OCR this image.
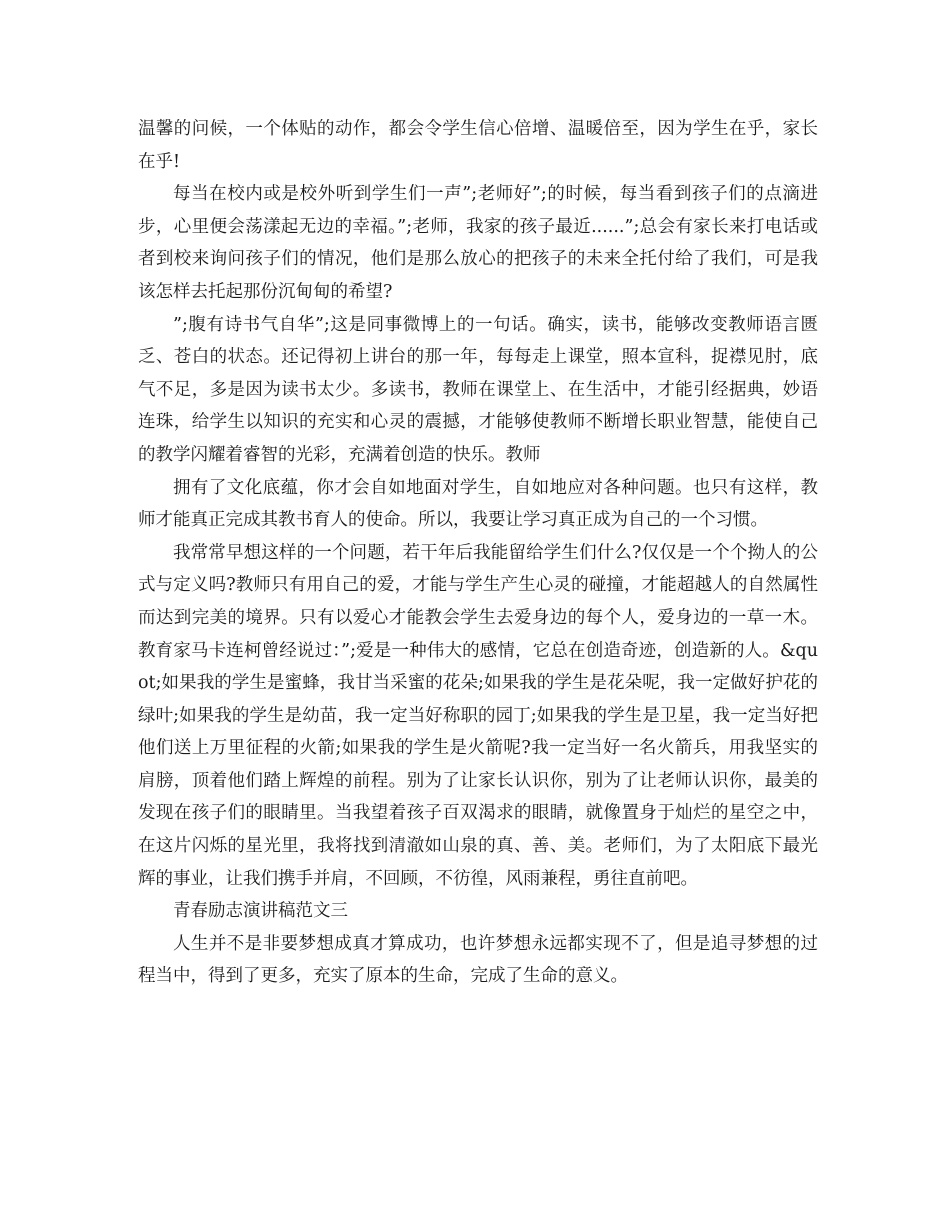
温馨的问候，一个体贴的动作，都会令学生信心倍增、温暖倍至，因为学生在乎，家长在乎!

每当在校内或是校外听到学生们一声”;老师好”;的时候，每当看到孩子们的点滴进步，心里便会荡漾起无边的幸福。”;老师，我家的孩子最近......”;总会有家长来打电话或者到校来询问孩子们的情况，他们是那么放心的把孩子的未来全托付给了我们，可是我该怎样去托起那份沉甸甸的希望?

”;腹有诗书气自华”;这是同事微博上的一句话。确实，读书，能够改变教师语言匮乏、苍白的状态。还记得初上讲台的那一年，每每走上课堂，照本宣科，捉襟见肘，底气不足，多是因为读书太少。多读书，教师在课堂上、在生活中，才能引经据典，妙语连珠，给学生以知识的充实和心灵的震撼，才能够使教师不断增长职业智慧，能使自己的教学闪耀着睿智的光彩，充满着创造的快乐。教师

拥有了文化底蕴，你才会自如地面对学生，自如地应对各种问题。也只有这样，教师才能真正完成其教书育人的使命。所以，我要让学习真正成为自己的一个习惯。

我常常早想这样的一个问题，若干年后我能留给学生们什么?仅仅是一个个拗人的公式与定义吗?教师只有用自己的爱，才能与学生产生心灵的碰撞，才能超越人的自然属性而达到完美的境界。只有以爱心才能教会学生去爱身边的每个人，爱身边的一草一木。教育家马卡连柯曾经说过：”;爱是一种伟大的感情，它总在创造奇迹，创造新的人。&quot;如果我的学生是蜜蜂，我甘当采蜜的花朵;如果我的学生是花朵呢，我一定做好护花的绿叶;如果我的学生是幼苗，我一定当好称职的园丁;如果我的学生是卫星，我一定当好把他们送上万里征程的火箭;如果我的学生是火箭呢?我一定当好一名火箭兵，用我坚实的肩膀，顶着他们踏上辉煌的前程。别为了让家长认识你，别为了让老师认识你，最美的发现在孩子们的眼睛里。当我望着孩子百双渴求的眼睛，就像置身于灿烂的星空之中，在这片闪烁的星光里，我将找到清澈如山泉的真、善、美。老师们，为了太阳底下最光辉的事业，让我们携手并肩，不回顾，不彷徨，风雨兼程，勇往直前吧。

青春励志演讲稿范文三

人生并不是非要梦想成真才算成功，也许梦想永远都实现不了，但是追寻梦想的过程当中，得到了更多，充实了原本的生命，完成了生命的意义。
